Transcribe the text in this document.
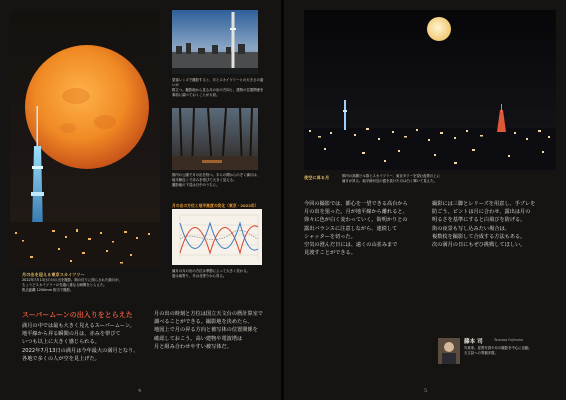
月の出を迎える東京スカイツリー
2022年7月13日の月の出を撮影。街の灯りに照らされた満月が、
ちょうどスカイツリーの先端に重なる瞬間をとらえた。
焦点距離 1200mm 相当で撮影。
望遠レンズで撮影すると、月とスカイツリーとの大きさの違いが
際立つ。撮影地から見る月の出の方向と、建物の位置関係を
事前に調べておくことが大切。
都内の公園で月の出を待つ。木々の間からのぞく満月は、
地平線近くで赤みを帯びて大きく見える。
撮影地の下見は日中のうちに。
月の出の方位と地平高度の変化（東京・2022年）
満月の月の出の方位は季節によって大きく変わる。
夏は南寄り、冬は北寄りから昇る。
スーパームーンの出入りをとらえた
満月の中では最も大きく見えるスーパームーン。
地平線から昇る瞬間の月は、赤みを帯びて
いつも以上に大きく感じられる。
2022年7月13日の満月は今年最大の満月となり、
各地で多くの人が空を見上げた。
月の出の時刻と方位は国立天文台の暦計算室で
調べることができる。撮影地を決めたら、
地図上で月の昇る方向と被写体の位置関係を
確認しておこう。高い建物や電波塔は
月と組み合わせやすい被写体だ。
4
夜空に昇る月	都内の高層ビル群とスカイツリー、東京タワーを望む夜景の上に
満月が昇る。地平線付近の霞を抜けた月は白く輝いて見えた。
今回の撮影では、都心を一望できる高台から
月の出を狙った。月が地平線から離れると、
徐々に色が白く変わっていく。街明かりとの
露出バランスに注意しながら、連続して
シャッターを切った。
空気の澄んだ日には、遠くの山並みまで
見渡すことができる。
撮影には三脚とレリーズを用意し、手ブレを
防ごう。ピントは月に合わせ、露出は月の
明るさを基準にすると白飛びを防げる。
街の夜景も写し込みたい場合は、
複数枚を撮影して合成する方法もある。
次の満月の日にもぜひ挑戦してほしい。
藤本 司	Tsukasa Fujimoto
写真家。星景写真や月の撮影を中心に活動。
天文誌への寄稿多数。
5
